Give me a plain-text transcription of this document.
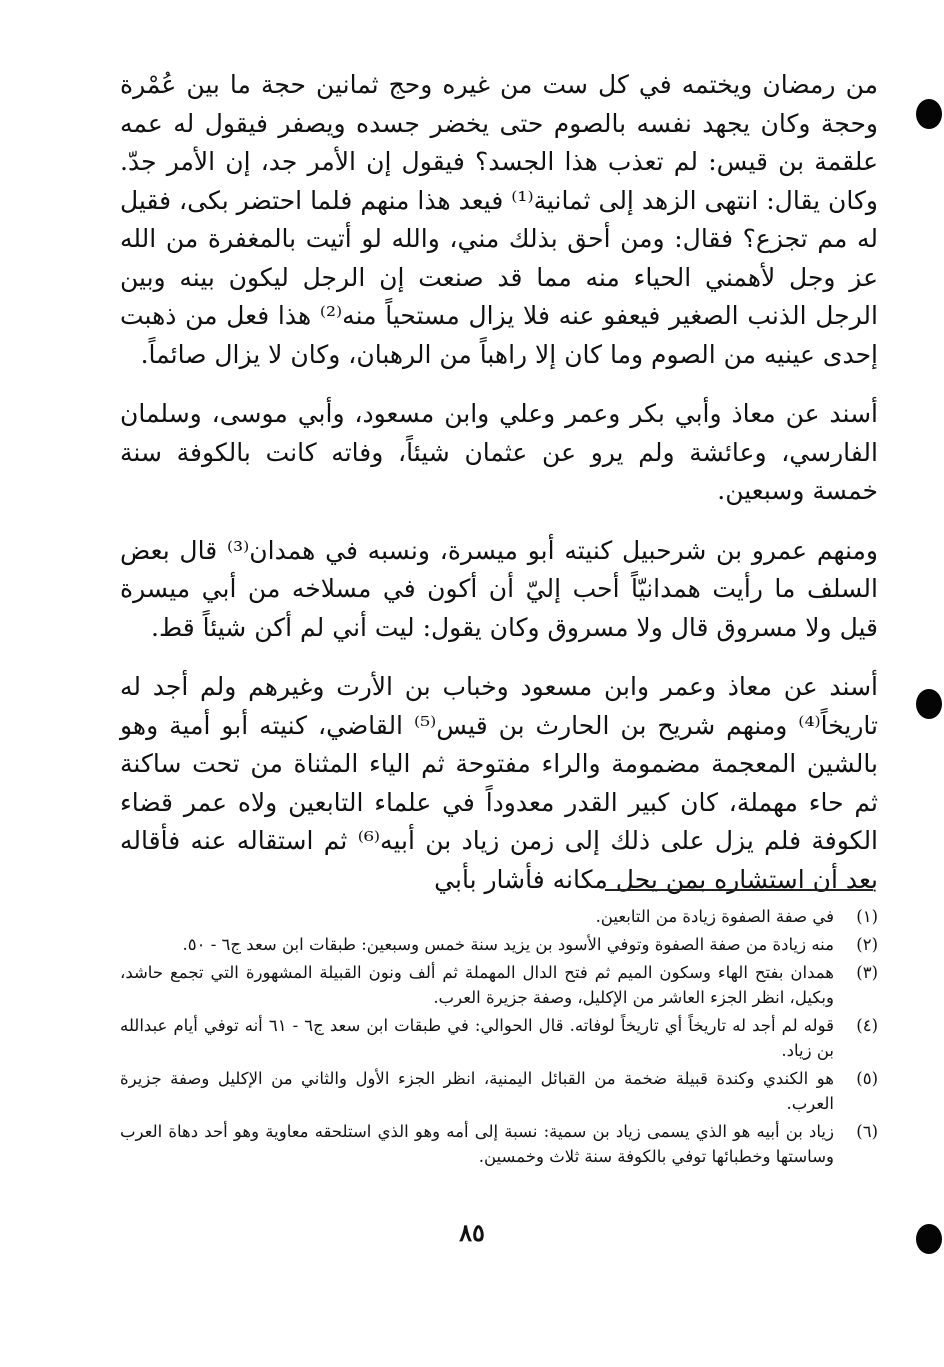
من رمضان ويختمه في كل ست من غيره وحج ثمانين حجة ما بين عُمْرة وحجة وكان يجهد نفسه بالصوم حتى يخضر جسده ويصفر فيقول له عمه علقمة بن قيس: لم تعذب هذا الجسد؟ فيقول إن الأمر جد، إن الأمر جدّ. وكان يقال: انتهى الزهد إلى ثمانية⁽¹⁾ فيعد هذا منهم فلما احتضر بكى، فقيل له مم تجزع؟ فقال: ومن أحق بذلك مني، والله لو أتيت بالمغفرة من الله عز وجل لأهمني الحياء منه مما قد صنعت إن الرجل ليكون بينه وبين الرجل الذنب الصغير فيعفو عنه فلا يزال مستحياً منه⁽²⁾ هذا فعل من ذهبت إحدى عينيه من الصوم وما كان إلا راهباً من الرهبان، وكان لا يزال صائماً.

أسند عن معاذ وأبي بكر وعمر وعلي وابن مسعود، وأبي موسى، وسلمان الفارسي، وعائشة ولم يرو عن عثمان شيئاً، وفاته كانت بالكوفة سنة خمسة وسبعين.

ومنهم عمرو بن شرحبيل كنيته أبو ميسرة، ونسبه في همدان⁽³⁾ قال بعض السلف ما رأيت همدانيّاً أحب إليّ أن أكون في مسلاخه من أبي ميسرة قيل ولا مسروق قال ولا مسروق وكان يقول: ليت أني لم أكن شيئاً قط.

أسند عن معاذ وعمر وابن مسعود وخباب بن الأرت وغيرهم ولم أجد له تاريخاً⁽⁴⁾ ومنهم شريح بن الحارث بن قيس⁽⁵⁾ القاضي، كنيته أبو أمية وهو بالشين المعجمة مضمومة والراء مفتوحة ثم الياء المثناة من تحت ساكنة ثم حاء مهملة، كان كبير القدر معدوداً في علماء التابعين ولاه عمر قضاء الكوفة فلم يزل على ذلك إلى زمن زياد بن أبيه⁽⁶⁾ ثم استقاله عنه فأقاله بعد أن استشاره بمن يحل مكانه فأشار بأبي

(١)
في صفة الصفوة زيادة من التابعين.
(٢)
منه زيادة من صفة الصفوة وتوفي الأسود بن يزيد سنة خمس وسبعين: طبقات ابن سعد ج٦ - ٥٠.
(٣)
همدان بفتح الهاء وسكون الميم ثم فتح الدال المهملة ثم ألف ونون القبيلة المشهورة التي تجمع حاشد، وبكيل، انظر الجزء العاشر من الإكليل، وصفة جزيرة العرب.
(٤)
قوله لم أجد له تاريخاً أي تاريخاً لوفاته. قال الحوالي: في طبقات ابن سعد ج٦ - ٦١ أنه توفي أيام عبدالله بن زياد.
(٥)
هو الكندي وكندة قبيلة ضخمة من القبائل اليمنية، انظر الجزء الأول والثاني من الإكليل وصفة جزيرة العرب.
(٦)
زياد بن أبيه هو الذي يسمى زياد بن سمية: نسبة إلى أمه وهو الذي استلحقه معاوية وهو أحد دهاة العرب وساستها وخطبائها توفي بالكوفة سنة ثلاث وخمسين.
٨٥
